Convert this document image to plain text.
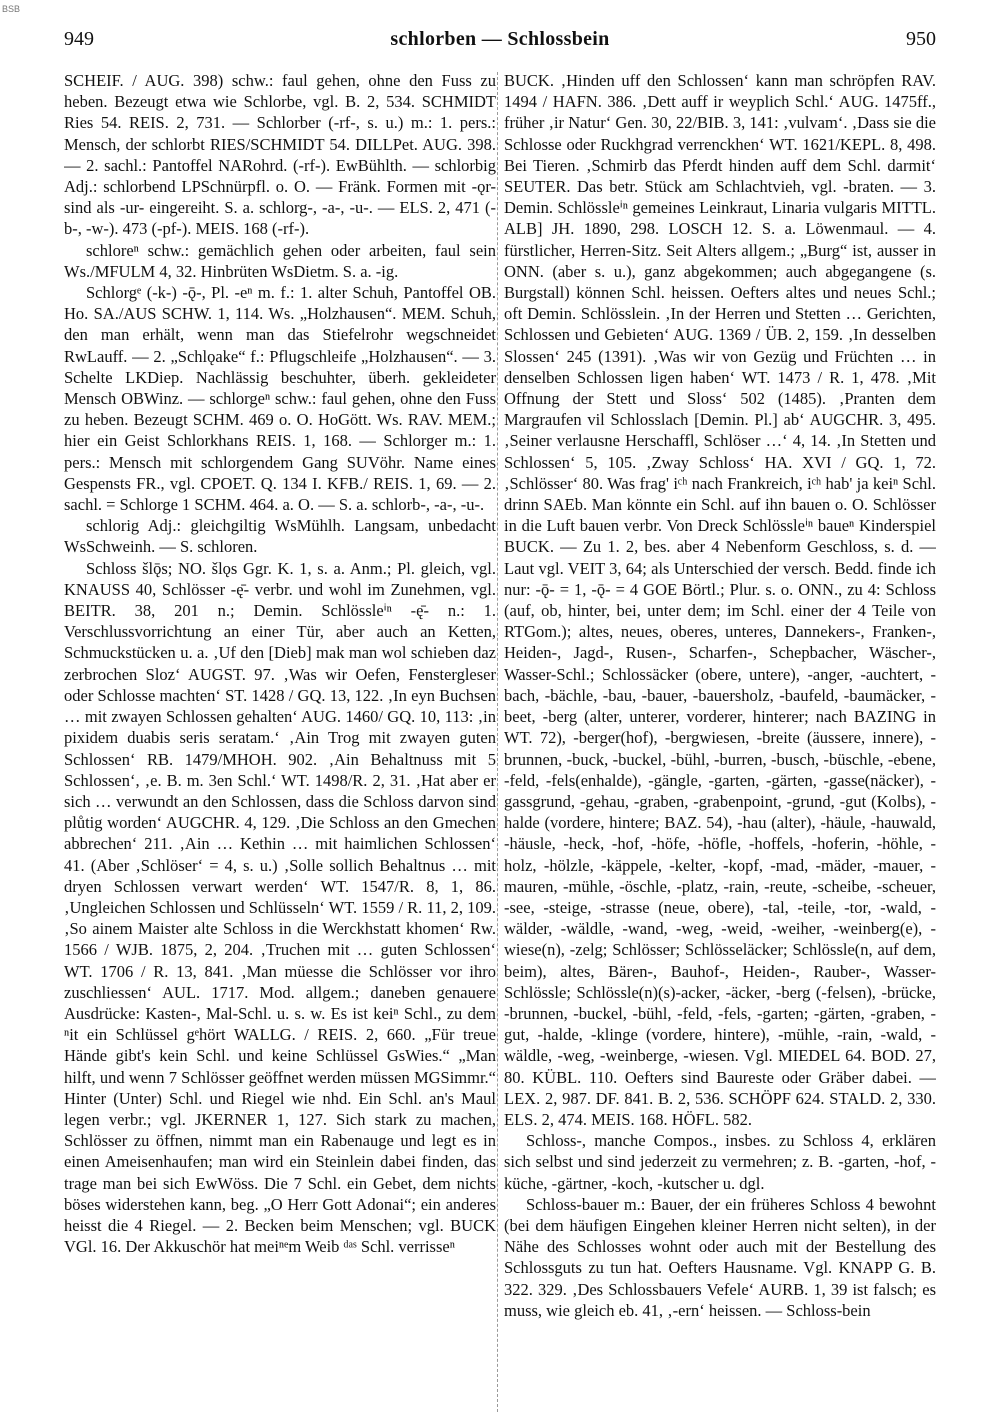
BSB
949	schlorben — Schlossbein	950

SCHEIF. / AUG. 398) schw.: faul gehen, ohne den Fuss zu heben. Bezeugt etwa wie Schlorbe, vgl. B. 2, 534. SCHMIDT Ries 54. REIS. 2, 731. — Schlorber (-rf-, s. u.) m.: 1. pers.: Mensch, der schlorbt RIES/SCHMIDT 54. DILLPet. AUG. 398. — 2. sachl.: Pantoffel NARohrd. (-rf-). EwBühlth. — schlorbig Adj.: schlorbend LPSchnürpfl. o. O. — Fränk. Formen mit -ǫr- sind als -ur- eingereiht. S. a. schlorg-, -a-, -u-. — ELS. 2, 471 (-b-, -w-). 473 (-pf-). MEIS. 168 (-rf-).

schloreⁿ schw.: gemächlich gehen oder arbeiten, faul sein Ws./MFULM 4, 32. Hinbrüten WsDietm. S. a. -ig.

Schlorgᵉ (-k-) -ǭ-, Pl. -eⁿ m. f.: 1. alter Schuh, Pantoffel OB. Ho. SA./AUS SCHW. 1, 114. Ws. „Holzhausen“. MEM. Schuh, den man erhält, wenn man das Stiefelrohr wegschneidet RwLauff. — 2. „Schlǫake“ f.: Pflugschleife „Holzhausen“. — 3. Schelte LKDiep. Nachlässig beschuhter, überh. gekleideter Mensch OBWinz. — schlorgeⁿ schw.: faul gehen, ohne den Fuss zu heben. Bezeugt SCHM. 469 o. O. HoGött. Ws. RAV. MEM.; hier ein Geist Schlorkhans REIS. 1, 168. — Schlorger m.: 1. pers.: Mensch mit schlorgendem Gang SUVöhr. Name eines Gespensts FR., vgl. CPOET. Q. 134 I. KFB./ REIS. 1, 69. — 2. sachl. = Schlorge 1 SCHM. 464. a. O. — S. a. schlorb-, -a-, -u-.

schlorig Adj.: gleichgiltig WsMühlh. Langsam, unbedacht WsSchweinh. — S. schloren.

Schloss šlǭs; NO. šlǫs Ggr. K. 1, s. a. Anm.; Pl. gleich, vgl. KNAUSS 40, Schlösser -ę̄- verbr. und wohl im Zunehmen, vgl. BEITR. 38, 201 n.; Demin. Schlössleⁱⁿ -ę̄- n.: 1. Verschlussvorrichtung an einer Tür, aber auch an Ketten, Schmuckstücken u. a. ‚Uf den [Dieb] mak man wol schieben daz zerbrochen Sloz‘ AUGST. 97. ‚Was wir Oefen, Fenstergleser oder Schlosse machten‘ ST. 1428 / GQ. 13, 122. ‚In eyn Buchsen … mit zwayen Schlossen gehalten‘ AUG. 1460/ GQ. 10, 113: ‚in pixidem duabis seris seratam.‘ ‚Ain Trog mit zwayen guten Schlossen‘ RB. 1479/MHOH. 902. ‚Ain Behaltnuss mit 5 Schlossen‘, ‚e. B. m. 3en Schl.‘ WT. 1498/R. 2, 31. ‚Hat aber er sich … verwundt an den Schlossen, dass die Schloss darvon sind plůtig worden‘ AUGCHR. 4, 129. ‚Die Schloss an den Gmechen abbrechen‘ 211. ‚Ain … Kethin … mit haimlichen Schlossen‘ 41. (Aber ‚Schlöser‘ = 4, s. u.) ‚Solle sollich Behaltnus … mit dryen Schlossen verwart werden‘ WT. 1547/R. 8, 1, 86. ‚Ungleichen Schlossen und Schlüsseln‘ WT. 1559 / R. 11, 2, 109. ‚So ainem Maister alte Schloss in die Werckhstatt khomen‘ Rw. 1566 / WJB. 1875, 2, 204. ‚Truchen mit … guten Schlossen‘ WT. 1706 / R. 13, 841. ‚Man müesse die Schlösser vor ihro zuschliessen‘ AUL. 1717. Mod. allgem.; daneben genauere Ausdrücke: Kasten-, Mal-Schl. u. s. w. Es ist keiⁿ Schl., zu dem ⁿit ein Schlüssel gᵉhört WALLG. / REIS. 2, 660. „Für treue Hände gibt's kein Schl. und keine Schlüssel GsWies.“ „Man hilft, und wenn 7 Schlösser geöffnet werden müssen MGSimmr.“ Hinter (Unter) Schl. und Riegel wie nhd. Ein Schl. an's Maul legen verbr.; vgl. JKERNER 1, 127. Sich stark zu machen, Schlösser zu öffnen, nimmt man ein Rabenauge und legt es in einen Ameisenhaufen; man wird ein Steinlein dabei finden, das trage man bei sich EwWöss. Die 7 Schl. ein Gebet, dem nichts böses widerstehen kann, beg. „O Herr Gott Adonai“; ein anderes heisst die 4 Riegel. — 2. Becken beim Menschen; vgl. BUCK VGl. 16. Der Akkuschör hat meiⁿᵉm Weib ᵈᵃˢ Schl. verrisseⁿ

BUCK. ‚Hinden uff den Schlossen‘ kann man schröpfen RAV. 1494 / HAFN. 386. ‚Dett auff ir weyplich Schl.‘ AUG. 1475ff., früher ‚ir Natur‘ Gen. 30, 22/BIB. 3, 141: ‚vulvam‘. ‚Dass sie die Schlosse oder Ruckhgrad verrenckhen‘ WT. 1621/KEPL. 8, 498. Bei Tieren. ‚Schmirb das Pferdt hinden auff dem Schl. darmit‘ SEUTER. Das betr. Stück am Schlachtvieh, vgl. -braten. — 3. Demin. Schlössleⁱⁿ gemeines Leinkraut, Linaria vulgaris MITTL. ALB] JH. 1890, 298. LOSCH 12. S. a. Löwenmaul. — 4. fürstlicher, Herren-Sitz. Seit Alters allgem.; „Burg“ ist, ausser in ONN. (aber s. u.), ganz abgekommen; auch abgegangene (s. Burgstall) können Schl. heissen. Oefters altes und neues Schl.; oft Demin. Schlösslein. ‚In der Herren und Stetten … Gerichten, Schlossen und Gebieten‘ AUG. 1369 / ÜB. 2, 159. ‚In desselben Slossen‘ 245 (1391). ‚Was wir von Gezüg und Früchten … in denselben Schlossen ligen haben‘ WT. 1473 / R. 1, 478. ‚Mit Offnung der Stett und Sloss‘ 502 (1485). ‚Pranten dem Margraufen vil Schlosslach [Demin. Pl.] ab‘ AUGCHR. 3, 495. ‚Seiner verlausne Herschaffl, Schlöser …‘ 4, 14. ‚In Stetten und Schlossen‘ 5, 105. ‚Zway Schloss‘ HA. XVI / GQ. 1, 72. ‚Schlösser‘ 80. Was frag' iᶜʰ nach Frankreich, iᶜʰ hab' ja keiⁿ Schl. drinn SAEb. Man könnte ein Schl. auf ihn bauen o. O. Schlösser in die Luft bauen verbr. Von Dreck Schlössleⁱⁿ baueⁿ Kinderspiel BUCK. — Zu 1. 2, bes. aber 4 Nebenform Geschloss, s. d. — Laut vgl. VEIT 3, 64; als Unterschied der versch. Bedd. finde ich nur: -ǭ- = 1, -ǭ- = 4 GOE Börtl.; Plur. s. o. ONN., zu 4: Schloss (auf, ob, hinter, bei, unter dem; im Schl. einer der 4 Teile von RTGom.); altes, neues, oberes, unteres, Dannekers-, Franken-, Heiden-, Jagd-, Rusen-, Scharfen-, Schepbacher, Wäscher-, Wasser-Schl.; Schlossäcker (obere, untere), -anger, -auchtert, -bach, -bächle, -bau, -bauer, -bauersholz, -baufeld, -baumäcker, -beet, -berg (alter, unterer, vorderer, hinterer; nach BAZING in WT. 72), -berger(hof), -bergwiesen, -breite (äussere, innere), -brunnen, -buck, -buckel, -bühl, -burren, -busch, -büschle, -ebene, -feld, -fels(enhalde), -gängle, -garten, -gärten, -gasse(näcker), -gassgrund, -gehau, -graben, -grabenpoint, -grund, -gut (Kolbs), -halde (vordere, hintere; BAZ. 54), -hau (alter), -häule, -hauwald, -häusle, -heck, -hof, -höfe, -höfle, -hoffels, -hoferin, -höhle, -holz, -hölzle, -käppele, -kelter, -kopf, -mad, -mäder, -mauer, -mauren, -mühle, -öschle, -platz, -rain, -reute, -scheibe, -scheuer, -see, -steige, -strasse (neue, obere), -tal, -teile, -tor, -wald, -wälder, -wäldle, -wand, -weg, -weid, -weiher, -weinberg(e), -wiese(n), -zelg; Schlösser; Schlösseläcker; Schlössle(n, auf dem, beim), altes, Bären-, Bauhof-, Heiden-, Rauber-, Wasser-Schlössle; Schlössle(n)(s)-acker, -äcker, -berg (-felsen), -brücke, -brunnen, -buckel, -bühl, -feld, -fels, -garten; -gärten, -graben, -gut, -halde, -klinge (vordere, hintere), -mühle, -rain, -wald, -wäldle, -weg, -weinberge, -wiesen. Vgl. MIEDEL 64. BOD. 27, 80. KÜBL. 110. Oefters sind Baureste oder Gräber dabei. — LEX. 2, 987. DF. 841. B. 2, 536. SCHÖPF 624. STALD. 2, 330. ELS. 2, 474. MEIS. 168. HÖFL. 582.

Schloss-, manche Compos., insbes. zu Schloss 4, erklären sich selbst und sind jederzeit zu vermehren; z. B. -garten, -hof, -küche, -gärtner, -koch, -kutscher u. dgl.

Schloss-bauer m.: Bauer, der ein früheres Schloss 4 bewohnt (bei dem häufigen Eingehen kleiner Herren nicht selten), in der Nähe des Schlosses wohnt oder auch mit der Bestellung des Schlossguts zu tun hat. Oefters Hausname. Vgl. KNAPP G. B. 322. 329. ‚Des Schlossbauers Vefele‘ AURB. 1, 39 ist falsch; es muss, wie gleich eb. 41, ‚-ern‘ heissen. — Schloss-bein
